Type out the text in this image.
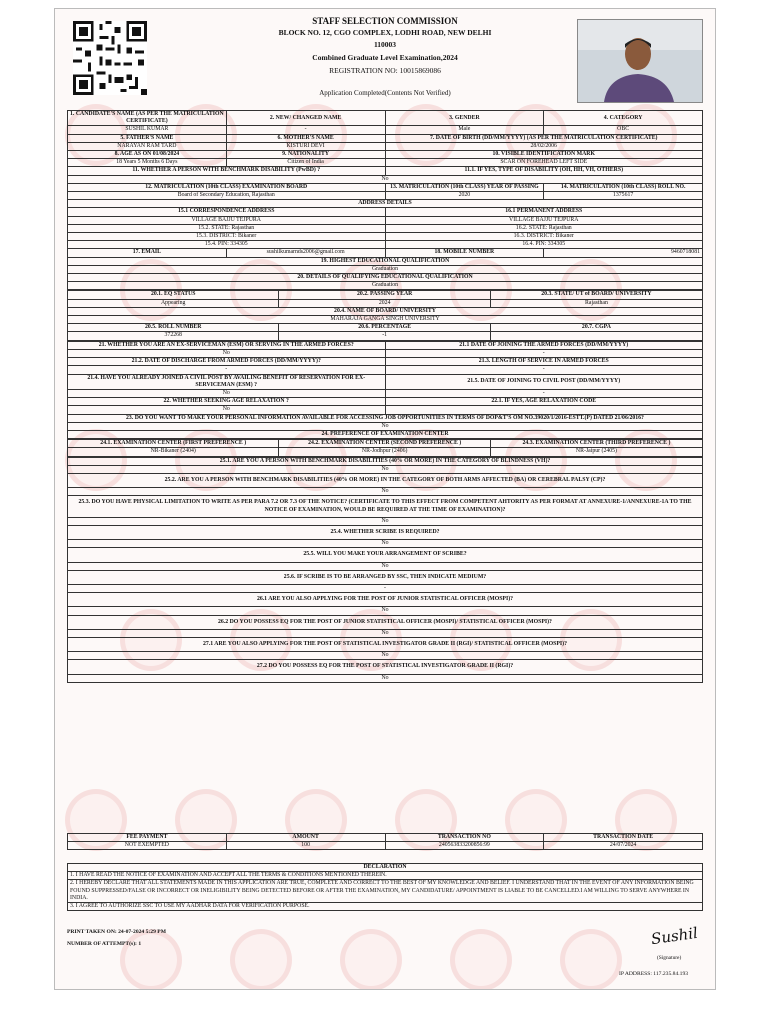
STAFF SELECTION COMMISSION
BLOCK NO. 12, CGO COMPLEX, LODHI ROAD, NEW DELHI
110003
Combined Graduate Level Examination,2024
REGISTRATION NO: 10015869086
Application Completed(Contents Not Verified)
1. CANDIDATE'S NAME (AS PER THE MATRICULATION CERTIFICATE)	2. NEW/ CHANGED NAME	3. GENDER	4. CATEGORY
SUSHIL KUMAR	-	Male	OBC
5. FATHER'S NAME	6. MOTHER'S NAME	7. DATE OF BIRTH (DD/MM/YYYY) (AS PER THE MATRICULATION CERTIFICATE)	
NARAYAN RAM TARD	KISTURI DEVI	28/02/2006	
8. AGE AS ON 01/08/2024	9. NATIONALITY	10. VISIBLE IDENTIFICATION MARK	
18 Years 5 Months 6 Days	Citizen of India	SCAR ON FOREHEAD LEFT SIDE	
11. WHETHER A PERSON WITH BENCHMARK DISABILITY (PwBD) ?		11.1. IF YES, TYPE OF DISABILITY (OH, HH, VH, OTHERS)	
No			
12. MATRICULATION (10th CLASS) EXAMINATION BOARD		13. MATRICULATION (10th CLASS) YEAR OF PASSING	14. MATRICULATION (10th CLASS) ROLL NO.
Board of Secondary Education, Rajasthan		2020	1375617
ADDRESS DETAILS			
15.1 CORRESPONDENCE ADDRESS		16.1 PERMANENT ADDRESS	
VILLAGE BAJJU TEJPURA		VILLAGE BAJJU TEJPURA	
15.2. STATE: Rajasthan		16.2. STATE: Rajasthan	
15.3. DISTRICT: Bikaner		16.3. DISTRICT: Bikaner	
15.4. PIN: 334305		16.4. PIN: 334305	
17. EMAIL	sushilkumarnds2006@gmail.com	18. MOBILE NUMBER	9460718081
19. HIGHEST EDUCATIONAL QUALIFICATION			
Graduation			
20. DETAILS OF QUALIFYING EDUCATIONAL QUALIFICATION			
Graduation			
20.1. EQ STATUS	20.2. PASSING YEAR	20.3. STATE/ UT of BOARD/ UNIVERSITY
Appearing	2024	Rajasthan
20.4. NAME OF BOARD/ UNIVERSITY		
MAHARAJA GANGA SINGH UNIVERSITY		
20.5. ROLL NUMBER	20.6. PERCENTAGE	20.7. CGPA
372268	-1	
21. WHETHER YOU ARE AN EX-SERVICEMAN (ESM) OR SERVING IN THE ARMED FORCES?	21.1 DATE OF JOINING THE ARMED FORCES (DD/MM/YYYY)
No	-
21.2. DATE OF DISCHARGE FROM ARMED FORCES (DD/MM/YYYY)?	21.3. LENGTH OF SERVICE IN ARMED FORCES
-	-
21.4. HAVE YOU ALREADY JOINED A CIVIL POST BY AVAILING BENEFIT OF RESERVATION FOR EX-SERVICEMAN (ESM) ?	21.5. DATE OF JOINING TO CIVIL POST (DD/MM/YYYY)
No	-
22. WHETHER SEEKING AGE RELAXATION ?	22.1. IF YES, AGE RELAXATION CODE
No	
23. DO YOU WANT TO MAKE YOUR PERSONAL INFORMATION AVAILABLE FOR ACCESSING JOB OPPORTUNITIES IN TERMS OF DOP&T'S OM NO.39020/1/2016-ESTT.(P) DATED 21/06/2016?	
No	
24. PREFERENCE OF EXAMINATION CENTER	
24.1. EXAMINATION CENTER (FIRST PREFERENCE )	24.2. EXAMINATION CENTER (SECOND PREFERENCE )	24.3. EXAMINATION CENTER (THIRD PREFERENCE )
NR-Bikaner (2404)	NR-Jodhpur (2406)	NR-Jaipur (2405)
25.1. ARE YOU A PERSON WITH BENCHMARK DISABILITIES (40% OR MORE) IN THE CATEGORY OF BLINDNESS (VH)?
No
25.2. ARE YOU A PERSON WITH BENCHMARK DISABILITIES (40% OR MORE) IN THE CATEGORY OF BOTH ARMS AFFECTED (BA) OR CEREBRAL PALSY (CP)?
No
25.3. DO YOU HAVE PHYSICAL LIMITATION TO WRITE AS PER PARA 7.2 OR 7.3 OF THE NOTICE? (CERTIFICATE TO THIS EFFECT FROM COMPETENT AHTORITY AS PER FORMAT AT ANNEXURE-1/ANNEXURE-1A TO THE NOTICE OF EXAMINATION, WOULD BE REQUIRED AT THE TIME OF EXAMINATION)?
No
25.4. WHETHER SCRIBE IS REQUIRED?
No
25.5. WILL YOU MAKE YOUR ARRANGEMENT OF SCRIBE?
No
25.6. IF SCRIBE IS TO BE ARRANGED BY SSC, THEN INDICATE MEDIUM?
-
26.1 ARE YOU ALSO APPLYING FOR THE POST OF JUNIOR STATISTICAL OFFICER (MOSPI)?
No
26.2 DO YOU POSSESS EQ FOR THE POST OF JUNIOR STATISTICAL OFFICER (MOSPI)/ STATISTICAL OFFICER (MOSPI)?
No
27.1 ARE YOU ALSO APPLYING FOR THE POST OF STATISTICAL INVESTIGATOR GRADE II (RGI)/ STATISTICAL OFFICER (MOSPI)?
No
27.2 DO YOU POSSESS EQ FOR THE POST OF STATISTICAL INVESTIGATOR GRADE II (RGI)?
No
FEE PAYMENT	AMOUNT	TRANSACTION NO	TRANSACTION DATE
NOT EXEMPTED	100	240563833200856:99	24/07/2024
DECLARATION
1. I HAVE READ THE NOTICE OF EXAMINATION AND ACCEPT ALL THE TERMS & CONDITIONS MENTIONED THEREIN.
2. I HEREBY DECLARE THAT ALL STATEMENTS MADE IN THIS APPLICATION ARE TRUE, COMPLETE AND CORRECT TO THE BEST OF MY KNOWLEDGE AND BELIEF. I UNDERSTAND THAT IN THE EVENT OF ANY INFORMATION BEING FOUND SUPPRESSED/FALSE OR INCORRECT OR INELIGIBILITY BEING DETECTED BEFORE OR AFTER THE EXAMINATION, MY CANDIDATURE/ APPOINTMENT IS LIABLE TO BE CANCELLED.I AM WILLING TO SERVE ANYWHERE IN INDIA.
3. I AGREE TO AUTHORIZE SSC TO USE MY AADHAR DATA FOR VERIFICATION PURPOSE.
PRINT TAKEN ON: 24-07-2024 5:29 PM
NUMBER OF ATTEMPT(s): 1	Sushil
(Signature)
IP ADDRESS: 117.235.84.193
